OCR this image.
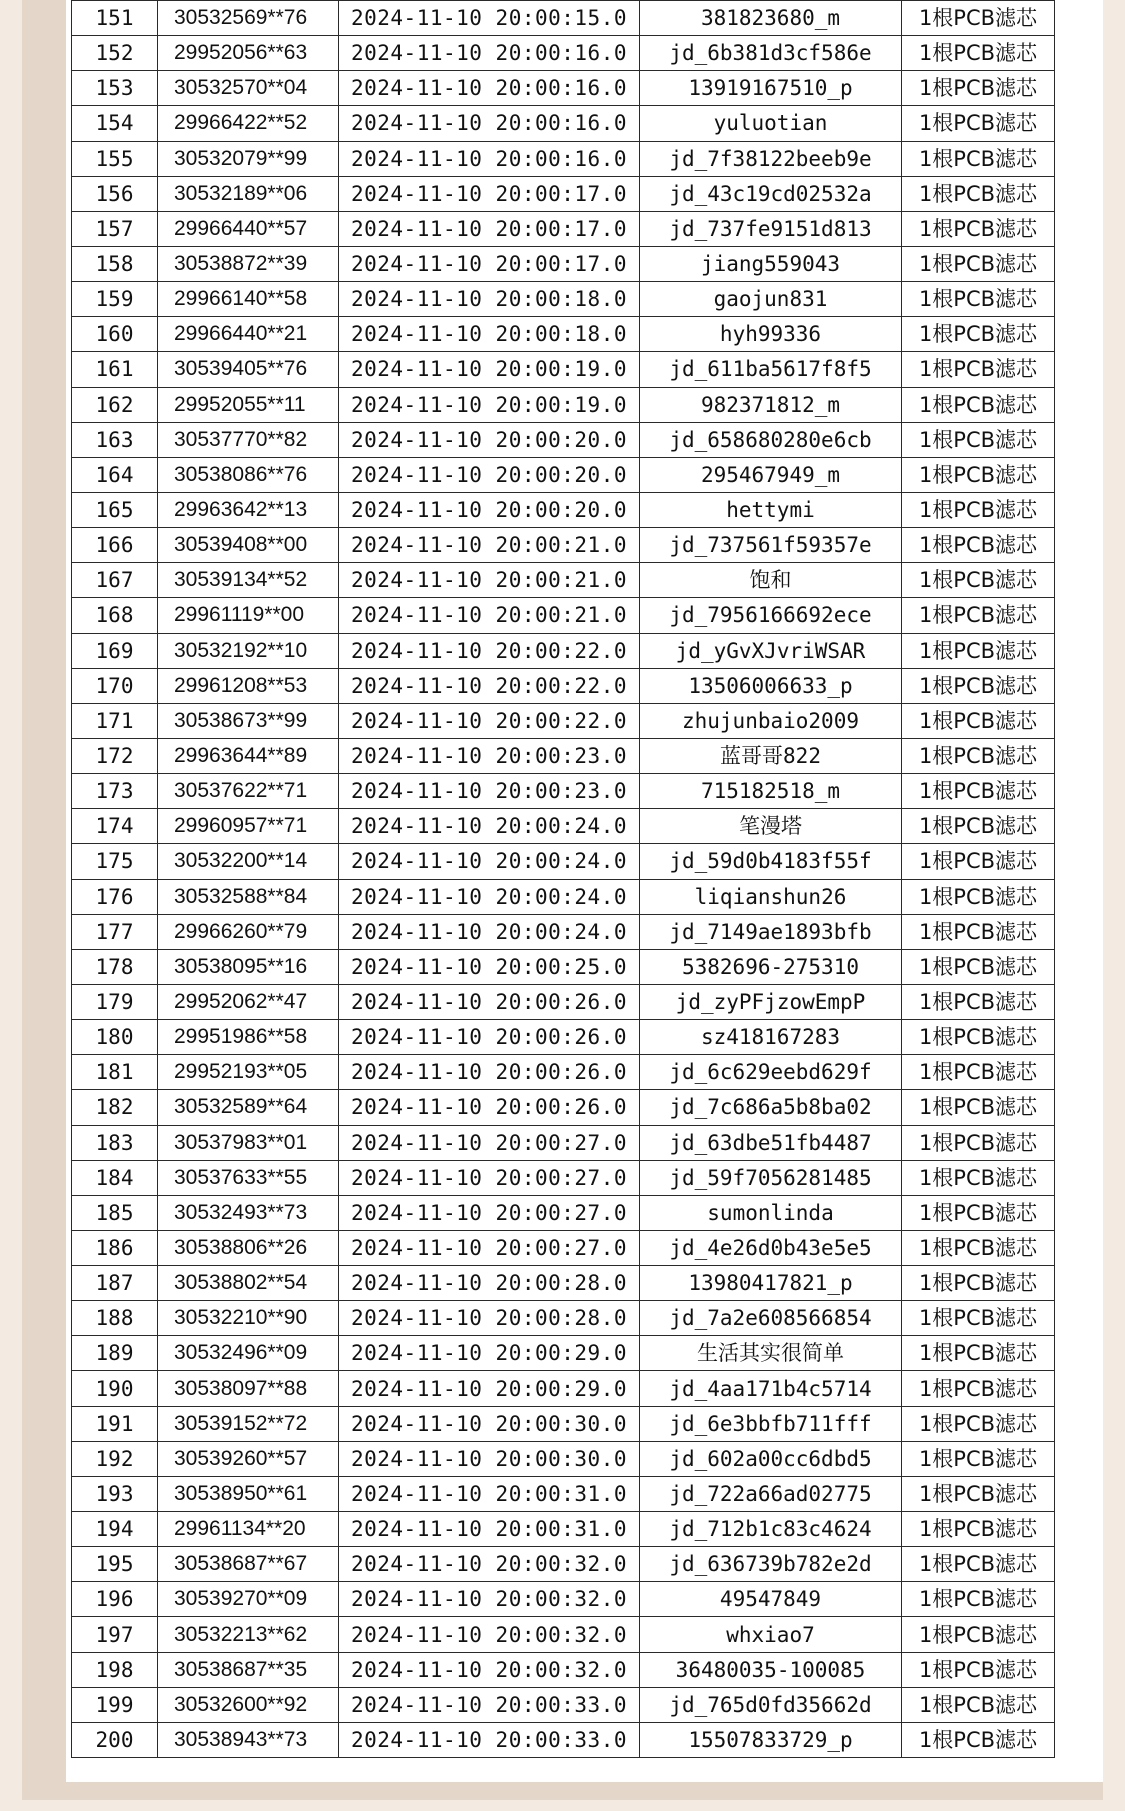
151	30532569**76	2024-11-10 20:00:15.0	381823680_m	1根PCB滤芯
152	29952056**63	2024-11-10 20:00:16.0	jd_6b381d3cf586e	1根PCB滤芯
153	30532570**04	2024-11-10 20:00:16.0	13919167510_p	1根PCB滤芯
154	29966422**52	2024-11-10 20:00:16.0	yuluotian	1根PCB滤芯
155	30532079**99	2024-11-10 20:00:16.0	jd_7f38122beeb9e	1根PCB滤芯
156	30532189**06	2024-11-10 20:00:17.0	jd_43c19cd02532a	1根PCB滤芯
157	29966440**57	2024-11-10 20:00:17.0	jd_737fe9151d813	1根PCB滤芯
158	30538872**39	2024-11-10 20:00:17.0	jiang559043	1根PCB滤芯
159	29966140**58	2024-11-10 20:00:18.0	gaojun831	1根PCB滤芯
160	29966440**21	2024-11-10 20:00:18.0	hyh99336	1根PCB滤芯
161	30539405**76	2024-11-10 20:00:19.0	jd_611ba5617f8f5	1根PCB滤芯
162	29952055**11	2024-11-10 20:00:19.0	982371812_m	1根PCB滤芯
163	30537770**82	2024-11-10 20:00:20.0	jd_658680280e6cb	1根PCB滤芯
164	30538086**76	2024-11-10 20:00:20.0	295467949_m	1根PCB滤芯
165	29963642**13	2024-11-10 20:00:20.0	hettymi	1根PCB滤芯
166	30539408**00	2024-11-10 20:00:21.0	jd_737561f59357e	1根PCB滤芯
167	30539134**52	2024-11-10 20:00:21.0	饱和	1根PCB滤芯
168	29961119**00	2024-11-10 20:00:21.0	jd_7956166692ece	1根PCB滤芯
169	30532192**10	2024-11-10 20:00:22.0	jd_yGvXJvriWSAR	1根PCB滤芯
170	29961208**53	2024-11-10 20:00:22.0	13506006633_p	1根PCB滤芯
171	30538673**99	2024-11-10 20:00:22.0	zhujunbaio2009	1根PCB滤芯
172	29963644**89	2024-11-10 20:00:23.0	蓝哥哥822	1根PCB滤芯
173	30537622**71	2024-11-10 20:00:23.0	715182518_m	1根PCB滤芯
174	29960957**71	2024-11-10 20:00:24.0	笔漫塔	1根PCB滤芯
175	30532200**14	2024-11-10 20:00:24.0	jd_59d0b4183f55f	1根PCB滤芯
176	30532588**84	2024-11-10 20:00:24.0	liqianshun26	1根PCB滤芯
177	29966260**79	2024-11-10 20:00:24.0	jd_7149ae1893bfb	1根PCB滤芯
178	30538095**16	2024-11-10 20:00:25.0	5382696-275310	1根PCB滤芯
179	29952062**47	2024-11-10 20:00:26.0	jd_zyPFjzowEmpP	1根PCB滤芯
180	29951986**58	2024-11-10 20:00:26.0	sz418167283	1根PCB滤芯
181	29952193**05	2024-11-10 20:00:26.0	jd_6c629eebd629f	1根PCB滤芯
182	30532589**64	2024-11-10 20:00:26.0	jd_7c686a5b8ba02	1根PCB滤芯
183	30537983**01	2024-11-10 20:00:27.0	jd_63dbe51fb4487	1根PCB滤芯
184	30537633**55	2024-11-10 20:00:27.0	jd_59f7056281485	1根PCB滤芯
185	30532493**73	2024-11-10 20:00:27.0	sumonlinda	1根PCB滤芯
186	30538806**26	2024-11-10 20:00:27.0	jd_4e26d0b43e5e5	1根PCB滤芯
187	30538802**54	2024-11-10 20:00:28.0	13980417821_p	1根PCB滤芯
188	30532210**90	2024-11-10 20:00:28.0	jd_7a2e608566854	1根PCB滤芯
189	30532496**09	2024-11-10 20:00:29.0	生活其实很简单	1根PCB滤芯
190	30538097**88	2024-11-10 20:00:29.0	jd_4aa171b4c5714	1根PCB滤芯
191	30539152**72	2024-11-10 20:00:30.0	jd_6e3bbfb711fff	1根PCB滤芯
192	30539260**57	2024-11-10 20:00:30.0	jd_602a00cc6dbd5	1根PCB滤芯
193	30538950**61	2024-11-10 20:00:31.0	jd_722a66ad02775	1根PCB滤芯
194	29961134**20	2024-11-10 20:00:31.0	jd_712b1c83c4624	1根PCB滤芯
195	30538687**67	2024-11-10 20:00:32.0	jd_636739b782e2d	1根PCB滤芯
196	30539270**09	2024-11-10 20:00:32.0	49547849	1根PCB滤芯
197	30532213**62	2024-11-10 20:00:32.0	whxiao7	1根PCB滤芯
198	30538687**35	2024-11-10 20:00:32.0	36480035-100085	1根PCB滤芯
199	30532600**92	2024-11-10 20:00:33.0	jd_765d0fd35662d	1根PCB滤芯
200	30538943**73	2024-11-10 20:00:33.0	15507833729_p	1根PCB滤芯
